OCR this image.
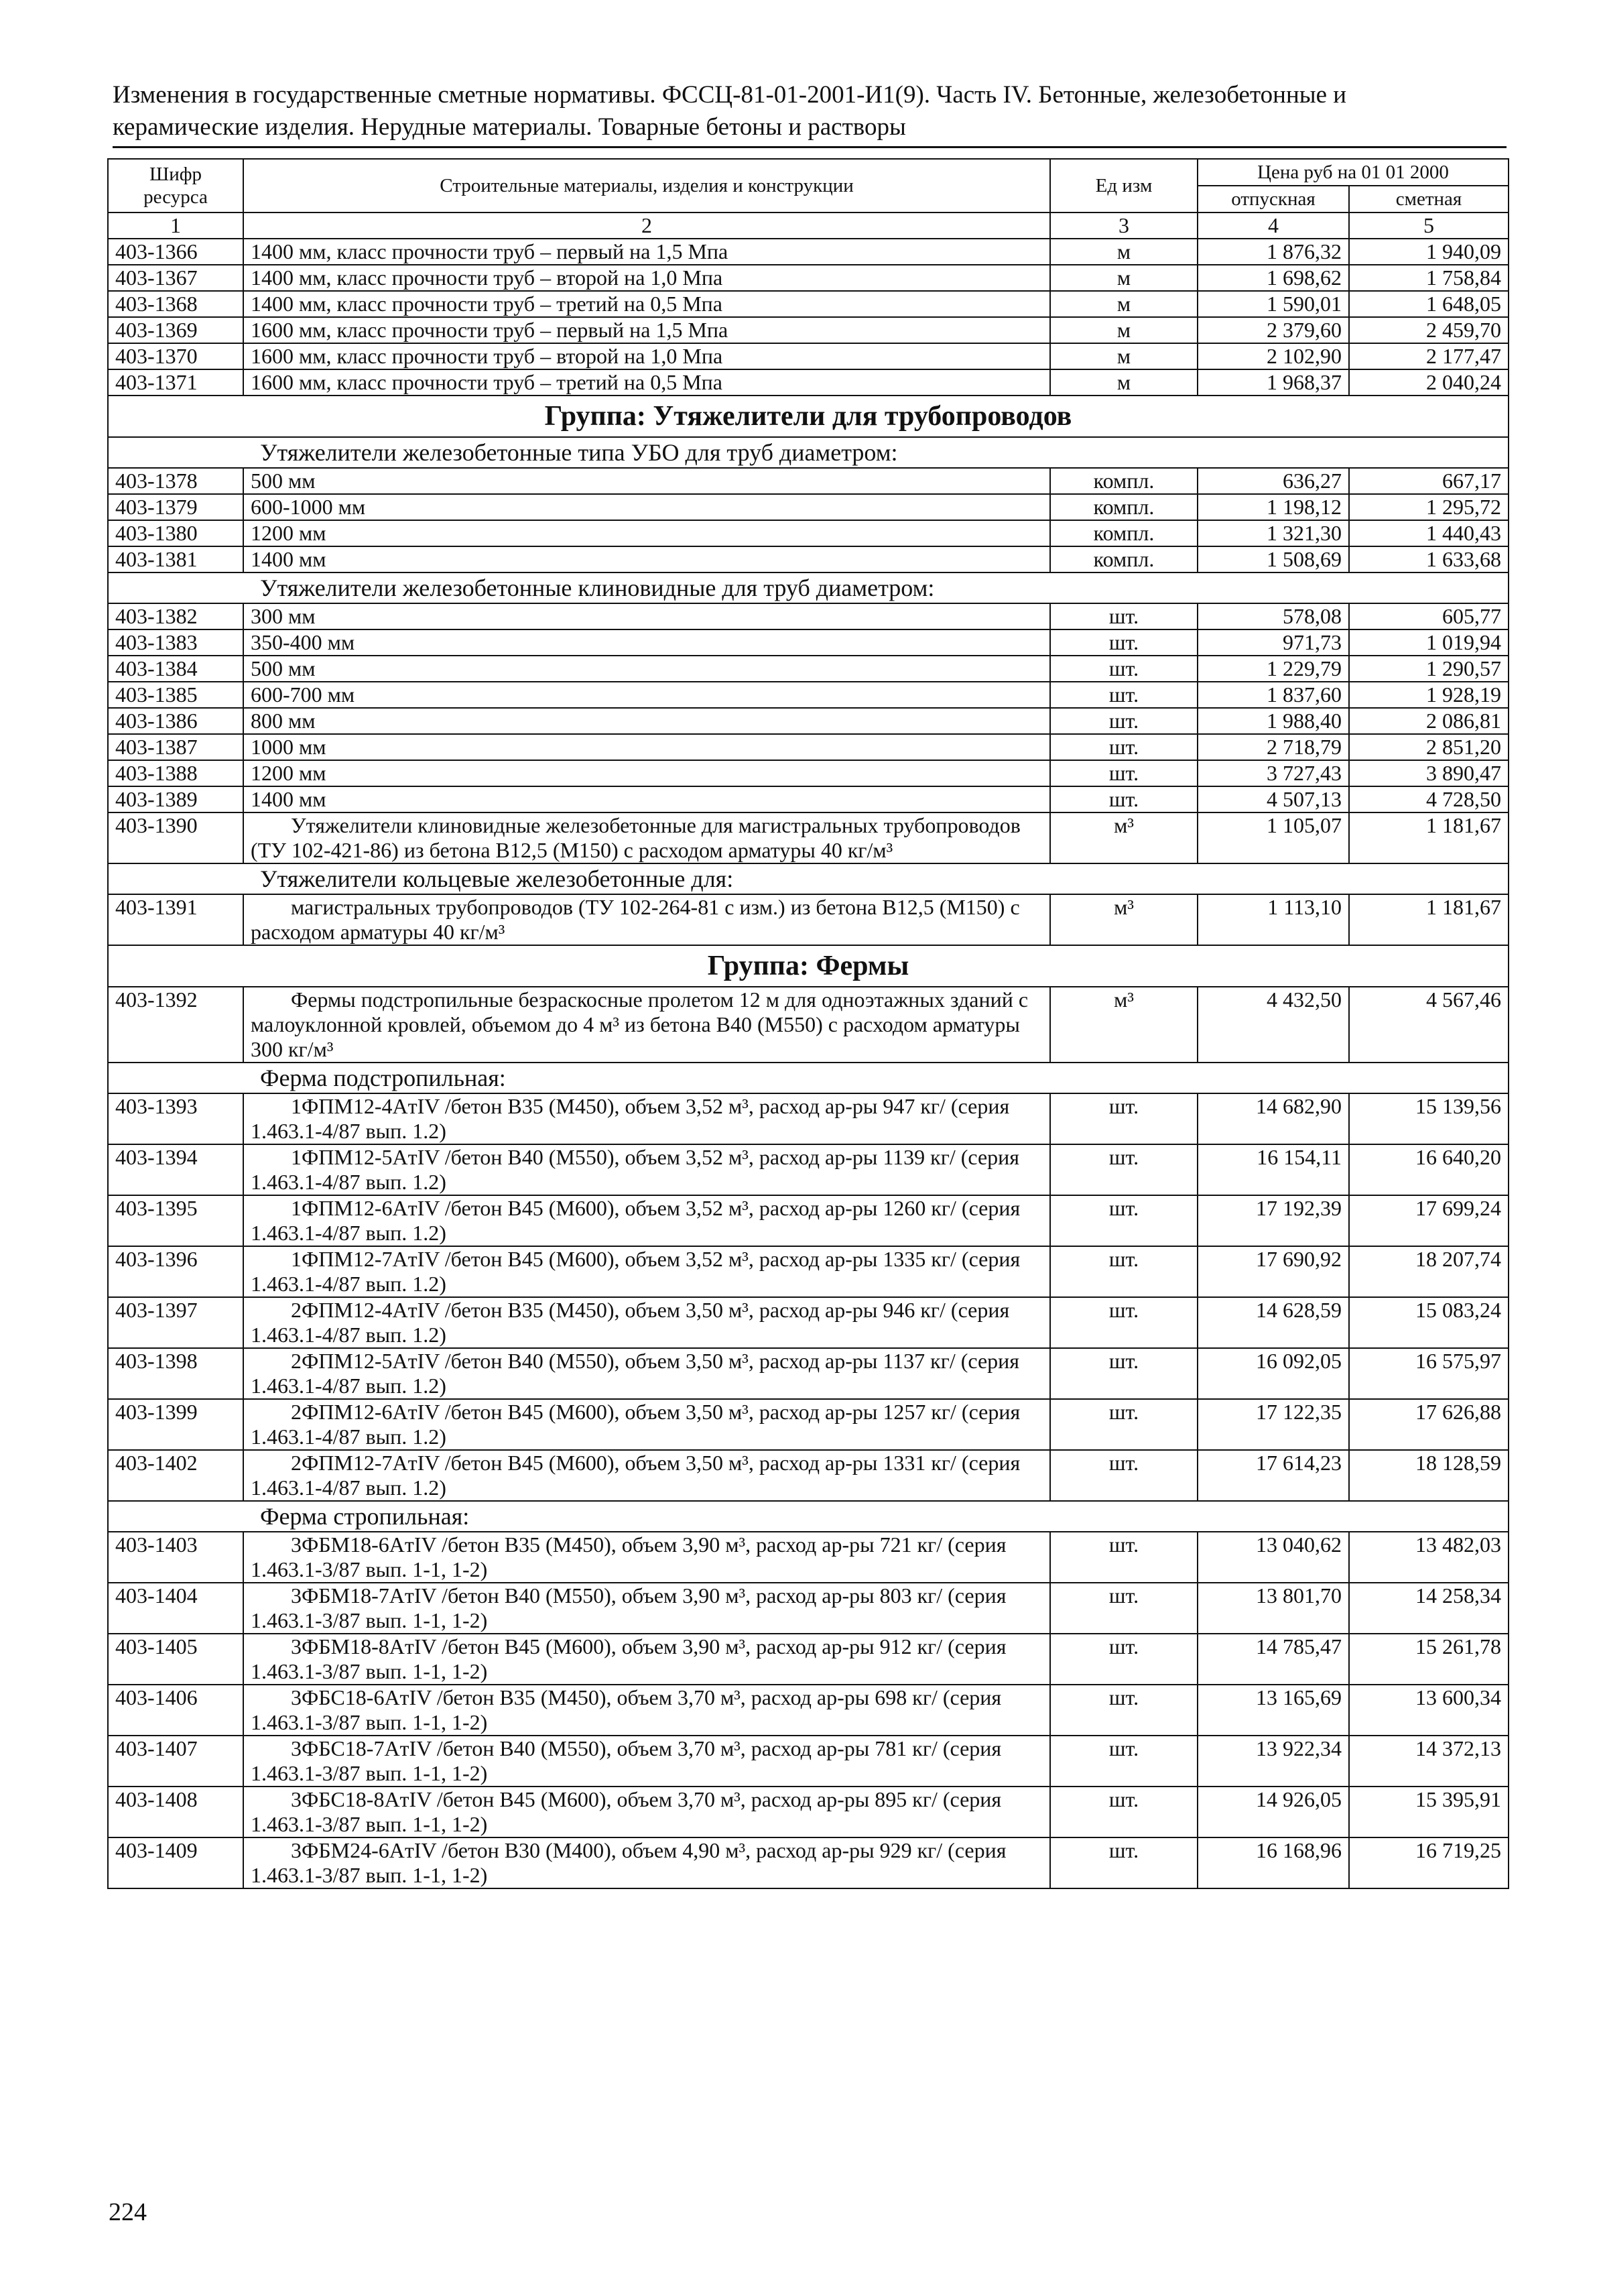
Изменения в государственные сметные нормативы. ФССЦ-81-01-2001-И1(9). Часть IV. Бетонные, железобетонные и
керамические изделия. Нерудные материалы. Товарные бетоны и растворы
Шифр ресурса	Строительные материалы, изделия и конструкции	Ед изм	Цена руб на 01 01 2000	
			отпускная	сметная
1	2	3	4	5
403-1366	1400 мм, класс прочности труб – первый на 1,5 Мпа	м	1 876,32	1 940,09
403-1367	1400 мм, класс прочности труб – второй на 1,0 Мпа	м	1 698,62	1 758,84
403-1368	1400 мм, класс прочности труб – третий на 0,5 Мпа	м	1 590,01	1 648,05
403-1369	1600 мм, класс прочности труб – первый на 1,5 Мпа	м	2 379,60	2 459,70
403-1370	1600 мм, класс прочности труб – второй на 1,0 Мпа	м	2 102,90	2 177,47
403-1371	1600 мм, класс прочности труб – третий на 0,5 Мпа	м	1 968,37	2 040,24
Группа: Утяжелители для трубопроводов				
Утяжелители железобетонные типа УБО для труб диаметром:				
403-1378	500 мм	компл.	636,27	667,17
403-1379	600-1000 мм	компл.	1 198,12	1 295,72
403-1380	1200 мм	компл.	1 321,30	1 440,43
403-1381	1400 мм	компл.	1 508,69	1 633,68
Утяжелители железобетонные клиновидные для труб диаметром:				
403-1382	300 мм	шт.	578,08	605,77
403-1383	350-400 мм	шт.	971,73	1 019,94
403-1384	500 мм	шт.	1 229,79	1 290,57
403-1385	600-700 мм	шт.	1 837,60	1 928,19
403-1386	800 мм	шт.	1 988,40	2 086,81
403-1387	1000 мм	шт.	2 718,79	2 851,20
403-1388	1200 мм	шт.	3 727,43	3 890,47
403-1389	1400 мм	шт.	4 507,13	4 728,50
403-1390	Утяжелители клиновидные железобетонные для магистральных трубопроводов (ТУ 102-421-86) из бетона В12,5 (М150) с расходом арматуры 40 кг/м³	м³	1 105,07	1 181,67
Утяжелители кольцевые железобетонные для:				
403-1391	магистральных трубопроводов (ТУ 102-264-81 с изм.) из бетона В12,5 (М150) с расходом арматуры 40 кг/м³	м³	1 113,10	1 181,67
Группа: Фермы				
403-1392	Фермы подстропильные безраскосные пролетом 12 м для одноэтажных зданий с малоуклонной кровлей, объемом до 4 м³ из бетона В40 (М550) с расходом арматуры 300 кг/м³	м³	4 432,50	4 567,46
Ферма подстропильная:				
403-1393	1ФПМ12-4AтIV /бетон В35 (М450), объем 3,52 м³, расход ар-ры 947 кг/ (серия 1.463.1-4/87 вып. 1.2)	шт.	14 682,90	15 139,56
403-1394	1ФПМ12-5AтIV /бетон В40 (М550), объем 3,52 м³, расход ар-ры 1139 кг/ (серия 1.463.1-4/87 вып. 1.2)	шт.	16 154,11	16 640,20
403-1395	1ФПМ12-6AтIV /бетон В45 (М600), объем 3,52 м³, расход ар-ры 1260 кг/ (серия 1.463.1-4/87 вып. 1.2)	шт.	17 192,39	17 699,24
403-1396	1ФПМ12-7AтIV /бетон В45 (М600), объем 3,52 м³, расход ар-ры 1335 кг/ (серия 1.463.1-4/87 вып. 1.2)	шт.	17 690,92	18 207,74
403-1397	2ФПМ12-4AтIV /бетон В35 (М450), объем 3,50 м³, расход ар-ры 946 кг/ (серия 1.463.1-4/87 вып. 1.2)	шт.	14 628,59	15 083,24
403-1398	2ФПМ12-5AтIV /бетон В40 (М550), объем 3,50 м³, расход ар-ры 1137 кг/ (серия 1.463.1-4/87 вып. 1.2)	шт.	16 092,05	16 575,97
403-1399	2ФПМ12-6AтIV /бетон В45 (М600), объем 3,50 м³, расход ар-ры 1257 кг/ (серия 1.463.1-4/87 вып. 1.2)	шт.	17 122,35	17 626,88
403-1402	2ФПМ12-7AтIV /бетон В45 (М600), объем 3,50 м³, расход ар-ры 1331 кг/ (серия 1.463.1-4/87 вып. 1.2)	шт.	17 614,23	18 128,59
Ферма стропильная:				
403-1403	3ФБМ18-6AтIV /бетон В35 (М450), объем 3,90 м³, расход ар-ры 721 кг/ (серия 1.463.1-3/87 вып. 1-1, 1-2)	шт.	13 040,62	13 482,03
403-1404	3ФБМ18-7AтIV /бетон В40 (М550), объем 3,90 м³, расход ар-ры 803 кг/ (серия 1.463.1-3/87 вып. 1-1, 1-2)	шт.	13 801,70	14 258,34
403-1405	3ФБМ18-8AтIV /бетон В45 (М600), объем 3,90 м³, расход ар-ры 912 кг/ (серия 1.463.1-3/87 вып. 1-1, 1-2)	шт.	14 785,47	15 261,78
403-1406	3ФБС18-6AтIV /бетон В35 (М450), объем 3,70 м³, расход ар-ры 698 кг/ (серия 1.463.1-3/87 вып. 1-1, 1-2)	шт.	13 165,69	13 600,34
403-1407	3ФБС18-7AтIV /бетон В40 (М550), объем 3,70 м³, расход ар-ры 781 кг/ (серия 1.463.1-3/87 вып. 1-1, 1-2)	шт.	13 922,34	14 372,13
403-1408	3ФБС18-8AтIV /бетон В45 (М600), объем 3,70 м³, расход ар-ры 895 кг/ (серия 1.463.1-3/87 вып. 1-1, 1-2)	шт.	14 926,05	15 395,91
403-1409	3ФБМ24-6AтIV /бетон В30 (М400), объем 4,90 м³, расход ар-ры 929 кг/ (серия 1.463.1-3/87 вып. 1-1, 1-2)	шт.	16 168,96	16 719,25
224
